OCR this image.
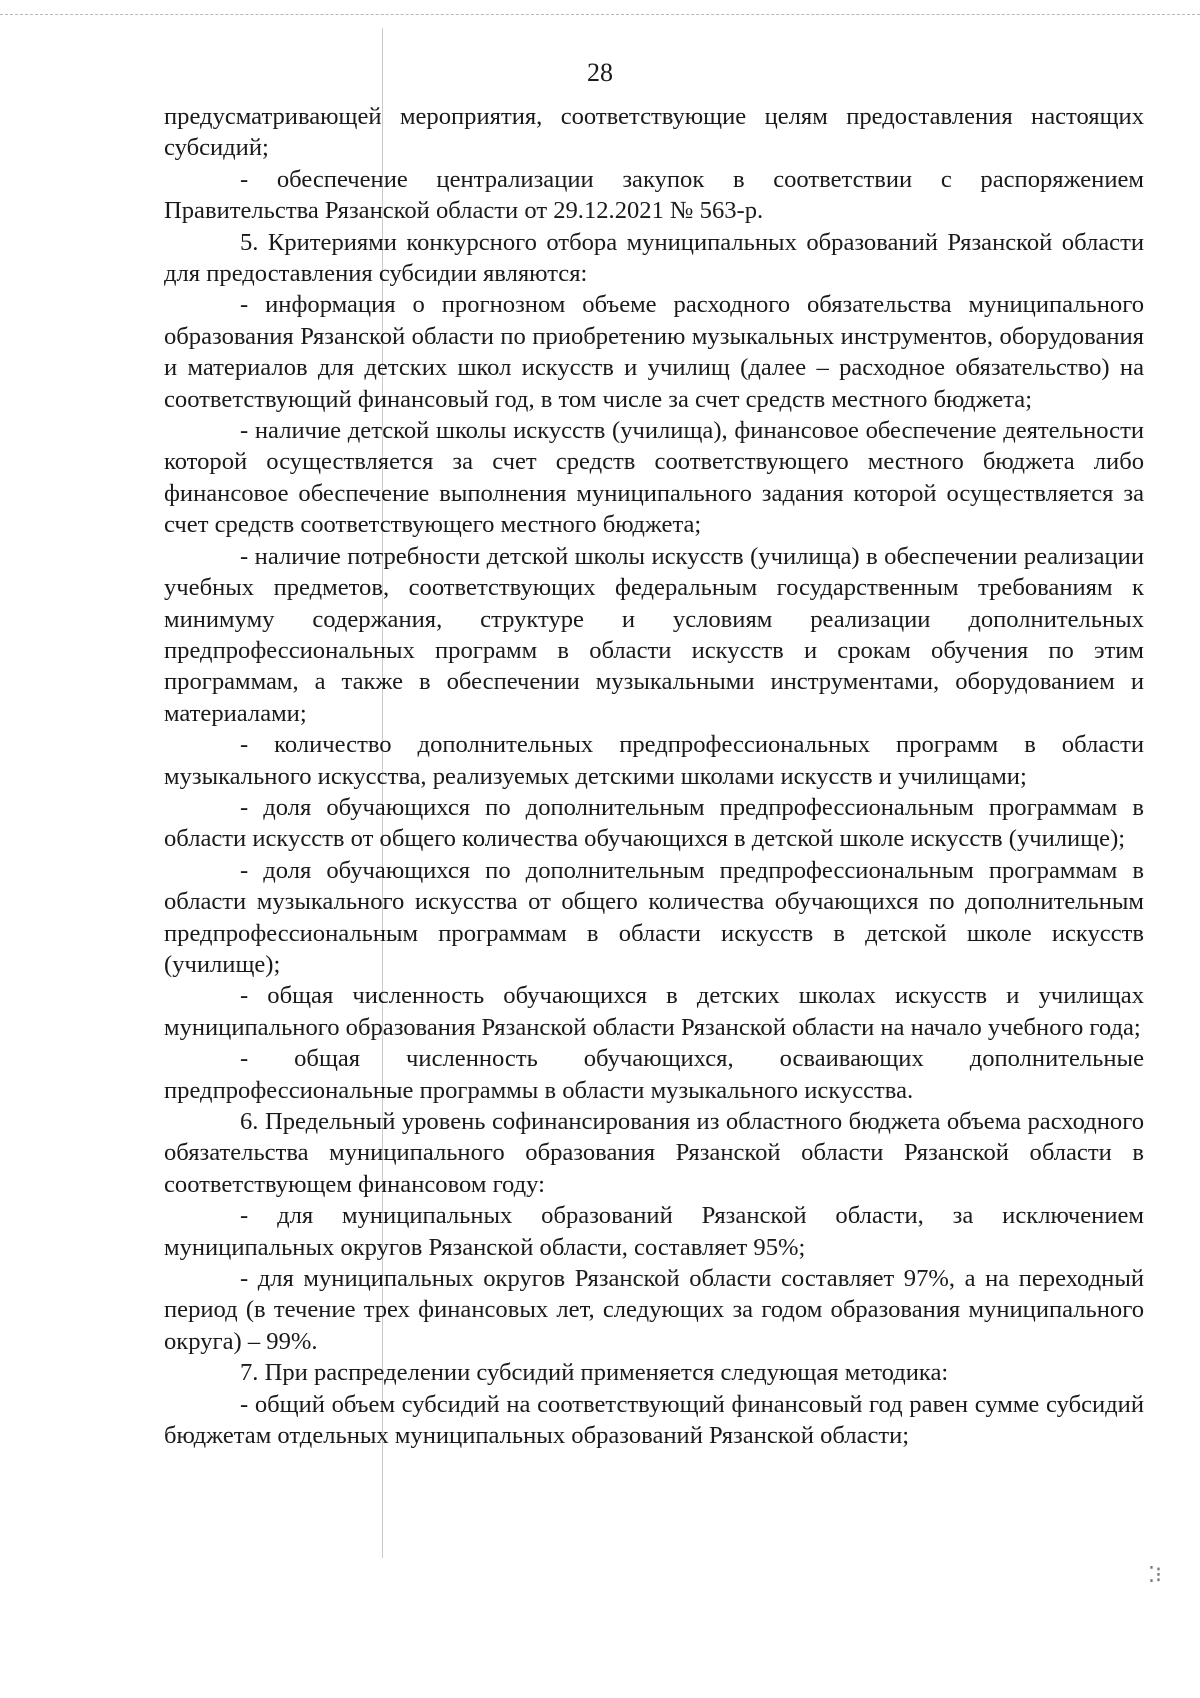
28

предусматривающей мероприятия, соответствующие целям предоставления настоящих субсидий;

- обеспечение централизации закупок в соответствии с распоряжением Правительства Рязанской области от 29.12.2021 № 563-р.

5. Критериями конкурсного отбора муниципальных образований Рязанской области для предоставления субсидии являются:

- информация о прогнозном объеме расходного обязательства муниципального образования Рязанской области по приобретению музыкальных инструментов, оборудования и материалов для детских школ искусств и училищ (далее – расходное обязательство) на соответствующий финансовый год, в том числе за счет средств местного бюджета;

- наличие детской школы искусств (училища), финансовое обеспечение деятельности которой осуществляется за счет средств соответствующего местного бюджета либо финансовое обеспечение выполнения муниципального задания которой осуществляется за счет средств соответствующего местного бюджета;

- наличие потребности детской школы искусств (училища) в обеспечении реализации учебных предметов, соответствующих федеральным государственным требованиям к минимуму содержания, структуре и условиям реализации дополнительных предпрофессиональных программ в области искусств и срокам обучения по этим программам, а также в обеспечении музыкальными инструментами, оборудованием и материалами;

- количество дополнительных предпрофессиональных программ в области музыкального искусства, реализуемых детскими школами искусств и училищами;

- доля обучающихся по дополнительным предпрофессиональным программам в области искусств от общего количества обучающихся в детской школе искусств (училище);

- доля обучающихся по дополнительным предпрофессиональным программам в области музыкального искусства от общего количества обучающихся по дополнительным предпрофессиональным программам в области искусств в детской школе искусств (училище);

- общая численность обучающихся в детских школах искусств и училищах муниципального образования Рязанской области Рязанской области на начало учебного года;

- общая численность обучающихся, осваивающих дополнительные предпрофессиональные программы в области музыкального искусства.

6. Предельный уровень софинансирования из областного бюджета объема расходного обязательства муниципального образования Рязанской области Рязанской области в соответствующем финансовом году:

- для муниципальных образований Рязанской области, за исключением муниципальных округов Рязанской области, составляет 95%;

- для муниципальных округов Рязанской области составляет 97%, а на переходный период (в течение трех финансовых лет, следующих за годом образования муниципального округа) – 99%.

7. При распределении субсидий применяется следующая методика:

- общий объем субсидий на соответствующий финансовый год равен сумме субсидий бюджетам отдельных муниципальных образований Рязанской области;

⁚⁝
